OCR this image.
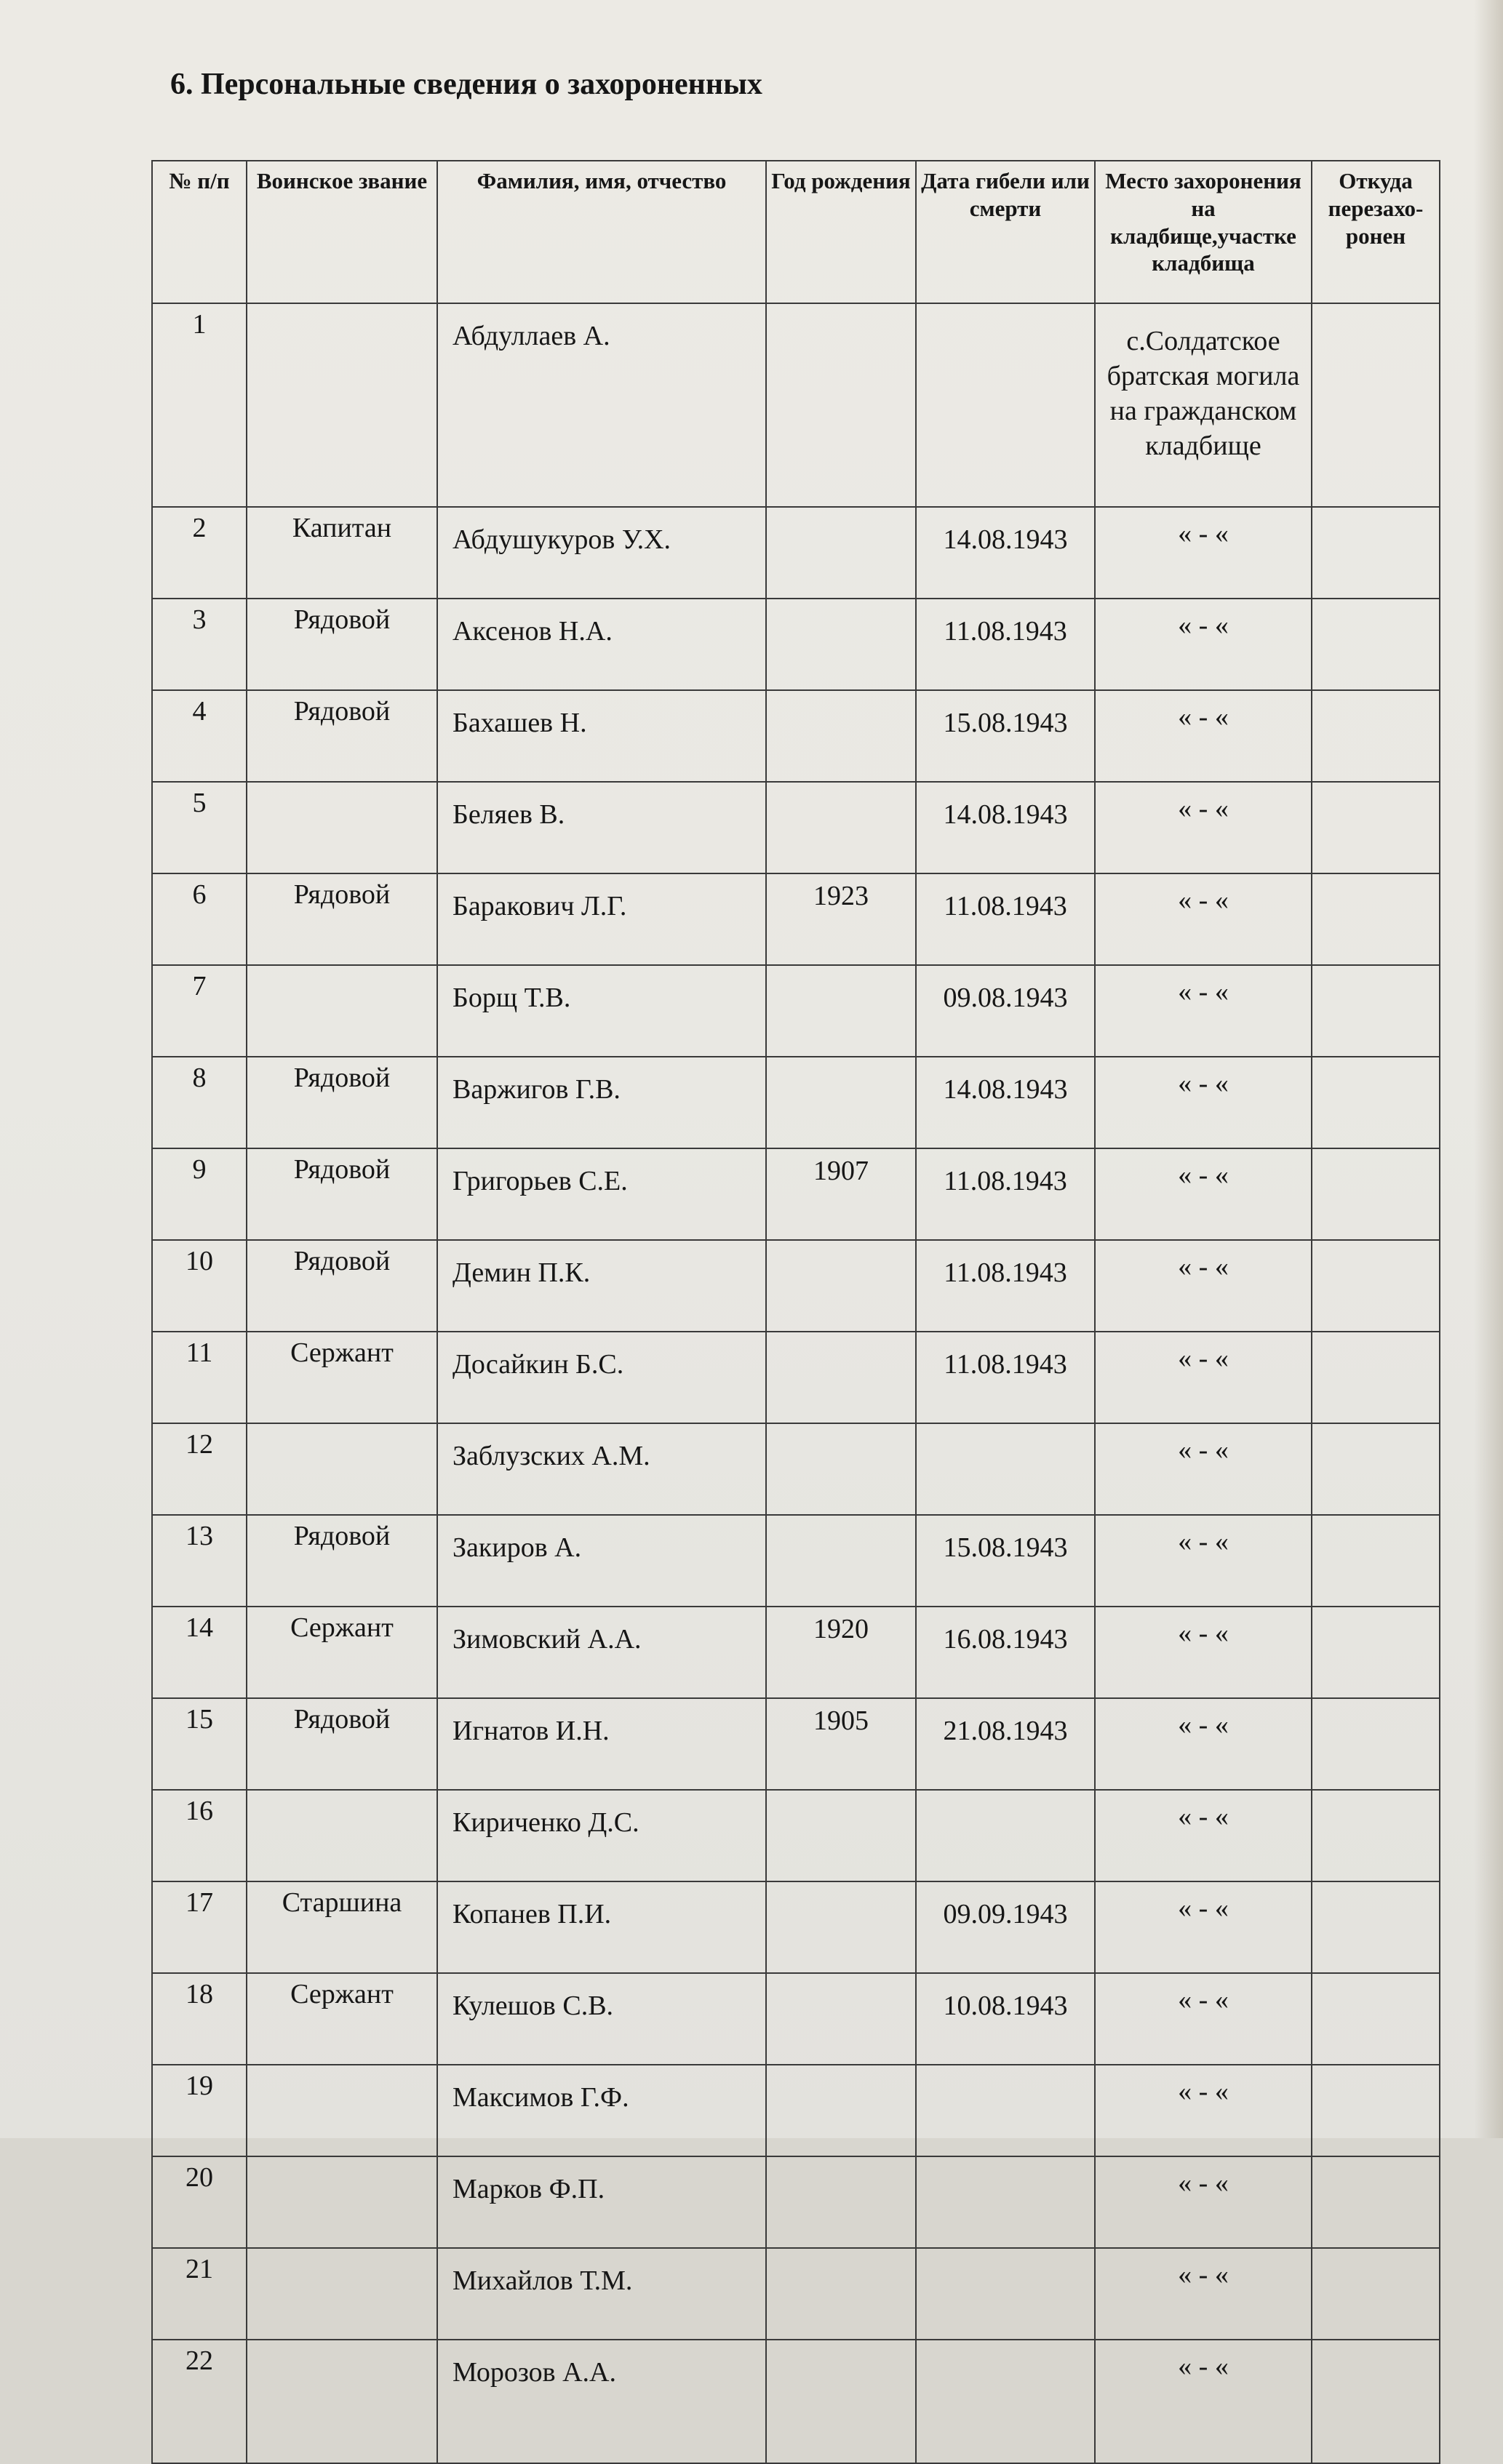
6. Персональные сведения о захороненных
№ п/п	Воинское звание	Фамилия, имя, отчество	Год рождения	Дата гибели или смерти	Место захоронения на кладбище,участке кладбища	Откуда перезахо-ронен
1		Абдуллаев А.			с.Солдатское братская могила на гражданском кладбище	
2	Капитан	Абдушукуров У.Х.		14.08.1943	« - «	
3	Рядовой	Аксенов Н.А.		11.08.1943	« - «	
4	Рядовой	Бахашев Н.		15.08.1943	« - «	
5		Беляев В.		14.08.1943	« - «	
6	Рядовой	Баракович Л.Г.	1923	11.08.1943	« - «	
7		Борщ Т.В.		09.08.1943	« - «	
8	Рядовой	Варжигов Г.В.		14.08.1943	« - «	
9	Рядовой	Григорьев С.Е.	1907	11.08.1943	« - «	
10	Рядовой	Демин П.К.		11.08.1943	« - «	
11	Сержант	Досайкин Б.С.		11.08.1943	« - «	
12		Заблузских А.М.			« - «	
13	Рядовой	Закиров А.		15.08.1943	« - «	
14	Сержант	Зимовский А.А.	1920	16.08.1943	« - «	
15	Рядовой	Игнатов И.Н.	1905	21.08.1943	« - «	
16		Кириченко Д.С.			« - «	
17	Старшина	Копанев П.И.		09.09.1943	« - «	
18	Сержант	Кулешов С.В.		10.08.1943	« - «	
19		Максимов Г.Ф.			« - «	
20		Марков Ф.П.			« - «	
21		Михайлов Т.М.			« - «	
22		Морозов А.А.			« - «	
